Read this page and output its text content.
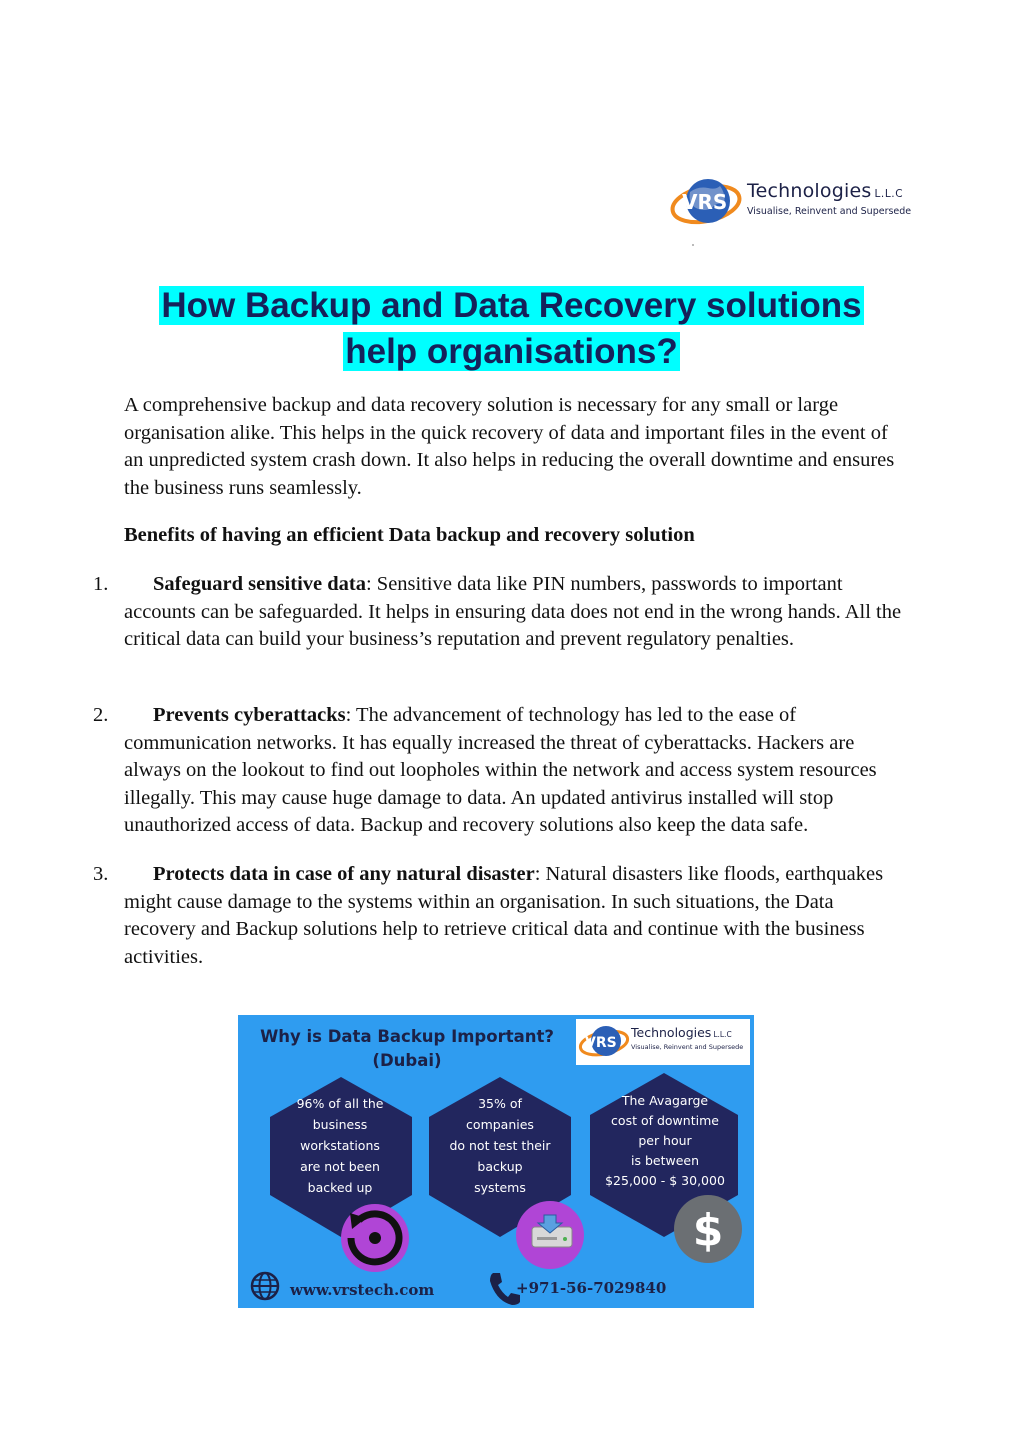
VRS Technologies L.L.C
Visualise, Reinvent and Supersede
How Backup and Data Recovery solutions
help organisations?

A comprehensive backup and data recovery solution is necessary for any small or large organisation alike. This helps in the quick recovery of data and important files in the event of an unpredicted system crash down. It also helps in reducing the overall downtime and ensures the business runs seamlessly.

Benefits of having an efficient Data backup and recovery solution

1. Safeguard sensitive data: Sensitive data like PIN numbers, passwords to important accounts can be safeguarded. It helps in ensuring data does not end in the wrong hands. All the critical data can build your business’s reputation and prevent regulatory penalties.
2. Prevents cyberattacks: The advancement of technology has led to the ease of communication networks. It has equally increased the threat of cyberattacks. Hackers are always on the lookout to find out loopholes within the network and access system resources illegally. This may cause huge damage to data. An updated antivirus installed will stop unauthorized access of data. Backup and recovery solutions also keep the data safe.
3. Protects data in case of any natural disaster: Natural disasters like floods, earthquakes might cause damage to the systems within an organisation. In such situations, the Data recovery and Backup solutions help to retrieve critical data and continue with the business activities.
$
Why is Data Backup Important?
(Dubai)
VRS
Technologies L.L.C
Visualise, Reinvent and Supersede
96% of all the
business
workstations
are not been
backed up
35% of
companies
do not test their
backup
systems
The Avagarge
cost of downtime
per hour
is between
$25,000 - $ 30,000
www.vrstech.com	+971-56-7029840
